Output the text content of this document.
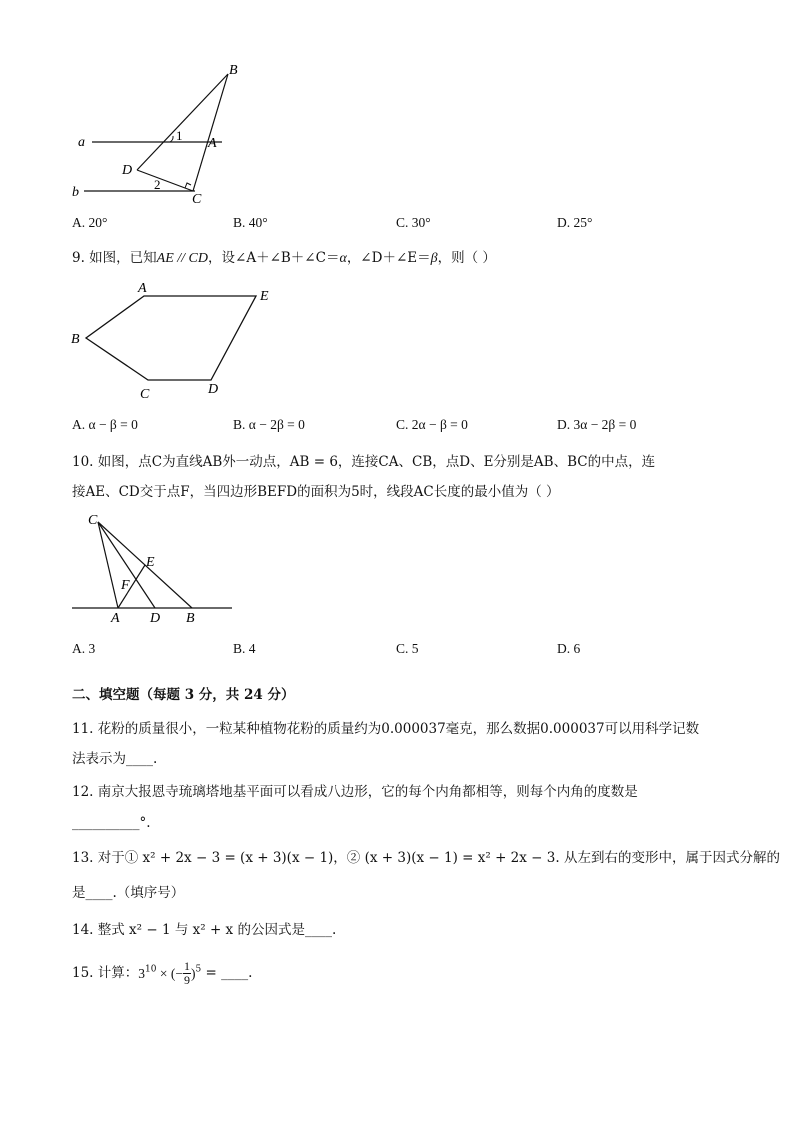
a
b
B
A
D
C
1
2
A. 20°	B. 40°	C. 30°	D. 25°
9. 如图，已知AE // CD，设∠A＋∠B＋∠C＝α，∠D＋∠E＝β，则（ ）
A
E
B
C	D
A. α − β = 0	B. α − 2β = 0	C. 2α − β = 0	D. 3α − 2β = 0
10. 如图，点C为直线AB外一动点，AB = 6，连接CA、CB，点D、E分别是AB、BC的中点，连
接AE、CD交于点F，当四边形BEFD的面积为5时，线段AC长度的最小值为（ ）
C
E
F
A D B
A. 3	B. 4	C. 5	D. 6
二、填空题（每题 3 分，共 24 分）
11. 花粉的质量很小，一粒某种植物花粉的质量约为0.000037毫克，那么数据0.000037可以用科学记数
法表示为____.
12. 南京大报恩寺琉璃塔地基平面可以看成八边形，它的每个内角都相等，则每个内角的度数是
__________°.
13. 对于① x² + 2x − 3 = (x + 3)(x − 1)，② (x + 3)(x − 1) = x² + 2x − 3. 从左到右的变形中，属于因式分解的
是____.（填序号）
14. 整式 x² − 1 与 x² + x 的公因式是____.
15. 计算：$3^{10}$ × (− $\frac{1}{9} )^5$ = ____.
